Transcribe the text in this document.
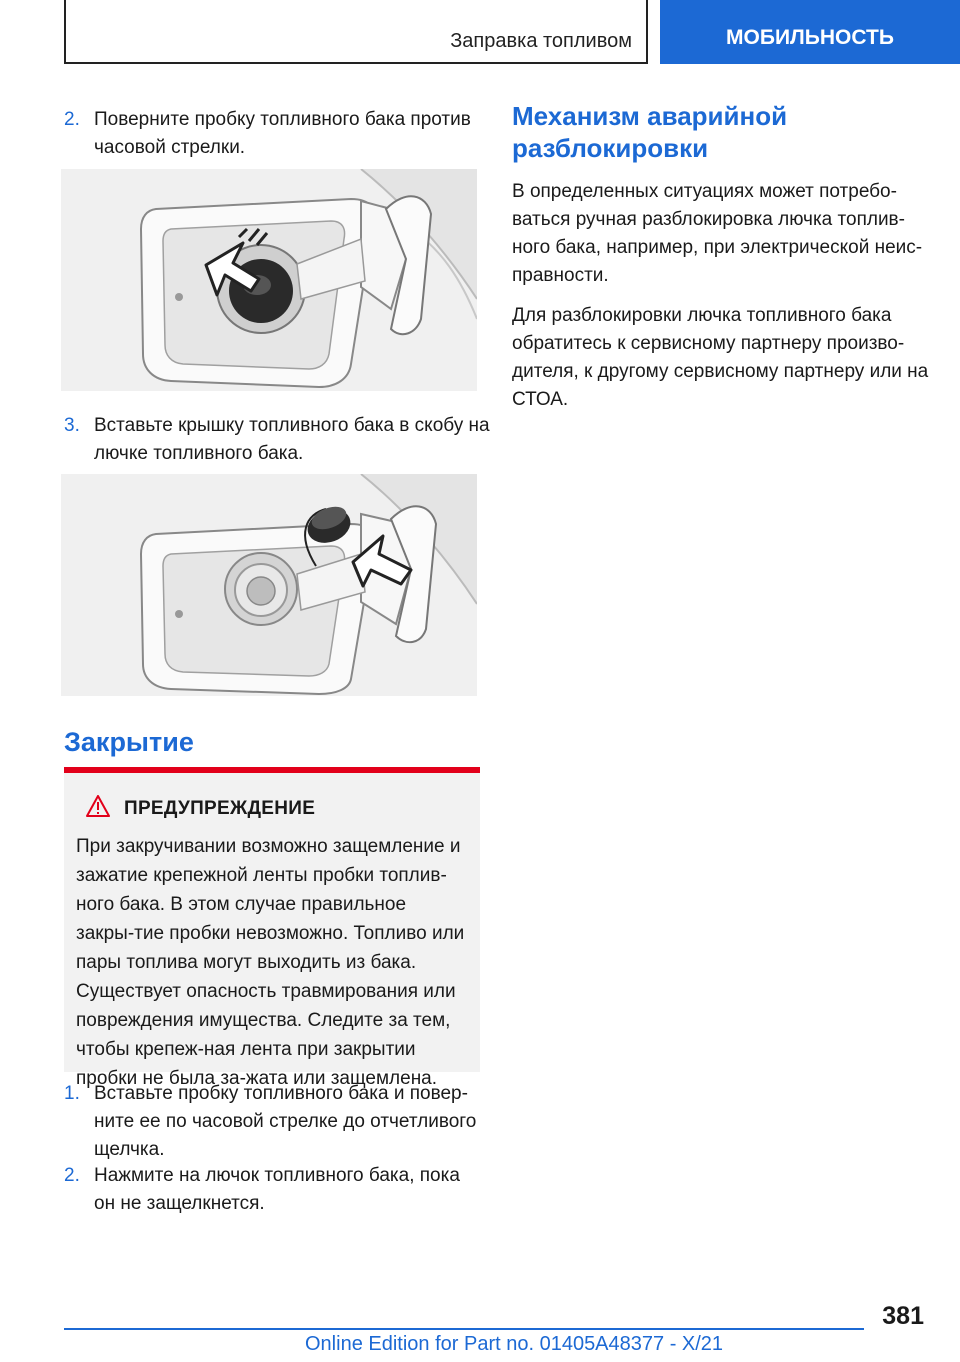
Заправка топливом	МОБИЛЬНОСТЬ
2. Поверните пробку топливного бака против часовой стрелки.
3. Вставьте крышку топливного бака в скобу на лючке топливного бака.
Закрытие
ПРЕДУПРЕЖДЕНИЕ
При закручивании возможно защемление и зажатие крепежной ленты пробки топлив-ного бака. В этом случае правильное закры-тие пробки невозможно. Топливо или пары топлива могут выходить из бака. Существует опасность травмирования или повреждения имущества. Следите за тем, чтобы крепеж-ная лента при закрытии пробки не была за-жата или защемлена.
1. Вставьте пробку топливного бака и повер-ните ее по часовой стрелке до отчетливого щелчка.
2. Нажмите на лючок топливного бака, пока он не защелкнется.
Механизм аварийной разблокировки

В определенных ситуациях может потребо-ваться ручная разблокировка лючка топлив-ного бака, например, при электрической неис-правности.

Для разблокировки лючка топливного бака обратитесь к сервисному партнеру произво-дителя, к другому сервисному партнеру или на СТОА.

381
Online Edition for Part no. 01405A48377 - X/21
